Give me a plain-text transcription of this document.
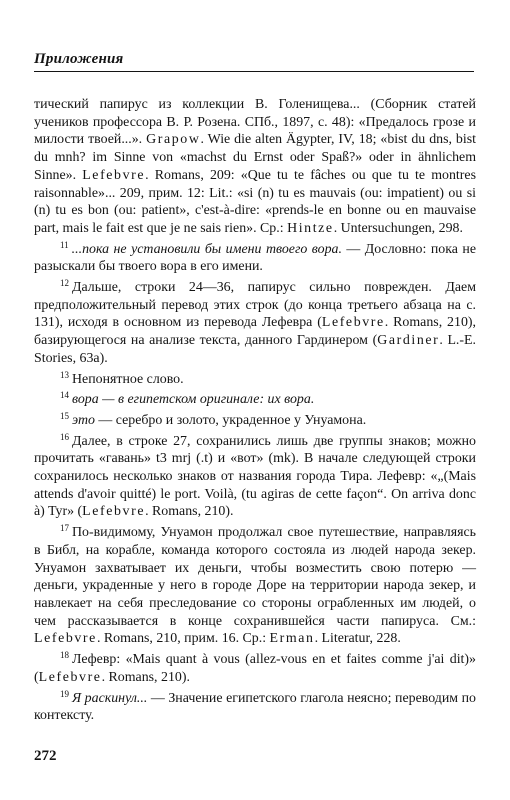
Приложения

тический папирус из коллекции В. Голенищева... (Сборник статей учеников профессора В. Р. Розена. СПб., 1897, с. 48): «Предалось грозе и милости твоей...». Grapow. Wie die alten Ägypter, IV, 18; «bist du dns, bist du mnh? im Sinne von «machst du Ernst oder Spaß?» oder in ähnlichem Sinne». Lefebvre. Romans, 209: «Que tu te fâches ou que tu te montres raisonnable»... 209, прим. 12: Lit.: «si (n) tu es mauvais (ou: impatient) ou si (n) tu es bon (ou: patient», c'est-à-dire: «prends-le en bonne ou en mauvaise part, mais le fait est que je ne sais rien». Ср.: Hintze. Untersuchungen, 298.

$^{11}$ ...пока не установили бы имени твоего вора. — Дословно: пока не разыскали бы твоего вора в его имени.

$^{12}$ Дальше, строки 24—36, папирус сильно поврежден. Даем предположительный перевод этих строк (до конца третьего абзаца на с. 131), исходя в основном из перевода Лефевра (Lefebvre. Romans, 210), базирующегося на анализе текста, данного Гардинером (Gardiner. L.-E. Stories, 63a).

$^{13}$ Непонятное слово.

$^{14}$ вора — в египетском оригинале: их вора.

$^{15}$ это — серебро и золото, украденное у Унуамона.

$^{16}$ Далее, в строке 27, сохранились лишь две группы знаков; можно прочитать «гавань» t3 mrj (.t) и «вот» (mk). В начале следующей строки сохранилось несколько знаков от названия города Тира. Лефевр: «„(Mais attends d'avoir quitté) le port. Voilà, (tu agiras de cette façon“. On arriva donc à) Tyr» (Lefebvre. Romans, 210).

$^{17}$ По-видимому, Унуамон продолжал свое путешествие, направляясь в Библ, на корабле, команда которого состояла из людей народа зекер. Унуамон захватывает их деньги, чтобы возместить свою потерю — деньги, украденные у него в городе Доре на территории народа зекер, и навлекает на себя преследование со стороны ограбленных им людей, о чем рассказывается в конце сохранившейся части папируса. См.: Lefebvre. Romans, 210, прим. 16. Ср.: Erman. Literatur, 228.

$^{18}$ Лефевр: «Mais quant à vous (allez-vous en et faites comme j'ai dit)» (Lefebvre. Romans, 210).

$^{19}$ Я раскинул... — Значение египетского глагола неясно; переводим по контексту.

272
